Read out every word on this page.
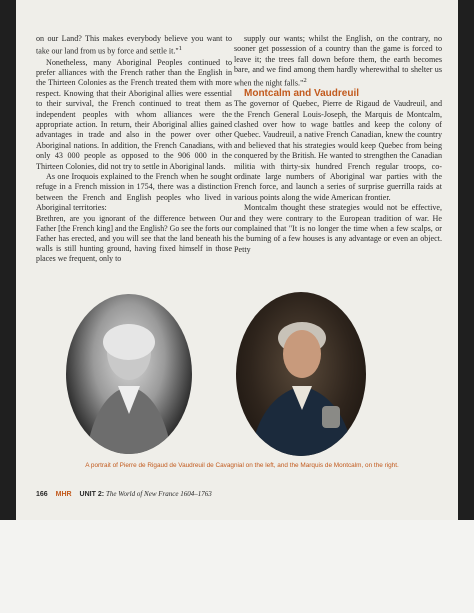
on our Land? This makes everybody believe you want to take our land from us by force and settle it."$^1$

Nonetheless, many Aboriginal Peoples continued to prefer alliances with the French rather than the English in the Thirteen Colonies as the French treated them with more respect. Knowing that their Aboriginal allies were essential to their survival, the French continued to treat them as independent peoples with whom alliances were the appropriate action. In return, their Aboriginal allies gained advantages in trade and also in the power over other Aboriginal nations. In addition, the French Canadians, with only 43 000 people as opposed to the 906 000 in the Thirteen Colonies, did not try to settle in Aboriginal lands.

As one Iroquois explained to the French when he sought refuge in a French mission in 1754, there was a distinction between the French and English peoples who lived in Aboriginal territories:

Brethren, are you ignorant of the difference between Our Father [the French king] and the English? Go see the forts our Father has erected, and you will see that the land beneath his walls is still hunting ground, having fixed himself in those places we frequent, only to

supply our wants; whilst the English, on the contrary, no sooner get possession of a country than the game is forced to leave it; the trees fall down before them, the earth becomes bare, and we find among them hardly wherewithal to shelter us when the night falls."$^2$

Montcalm and Vaudreuil

The governor of Quebec, Pierre de Rigaud de Vaudreuil, and the French General Louis-Joseph, the Marquis de Montcalm, clashed over how to wage battles and keep the colony of Quebec. Vaudreuil, a native French Canadian, knew the country and believed that his strategies would keep Quebec from being conquered by the British. He wanted to strengthen the Canadian militia with thirty-six hundred French regular troops, co-ordinate large numbers of Aboriginal war parties with the French force, and launch a series of surprise guerrilla raids at various points along the wide American frontier.

Montcalm thought these strategies would not be effective, and they were contrary to the European tradition of war. He complained that "It is no longer the time when a few scalps, or the burning of a few houses is any advantage or even an object. Petty

A portrait of Pierre de Rigaud de Vaudreuil de Cavagnial on the left, and the Marquis de Montcalm, on the right.
166 MHR UNIT 2: The World of New France 1604–1763
